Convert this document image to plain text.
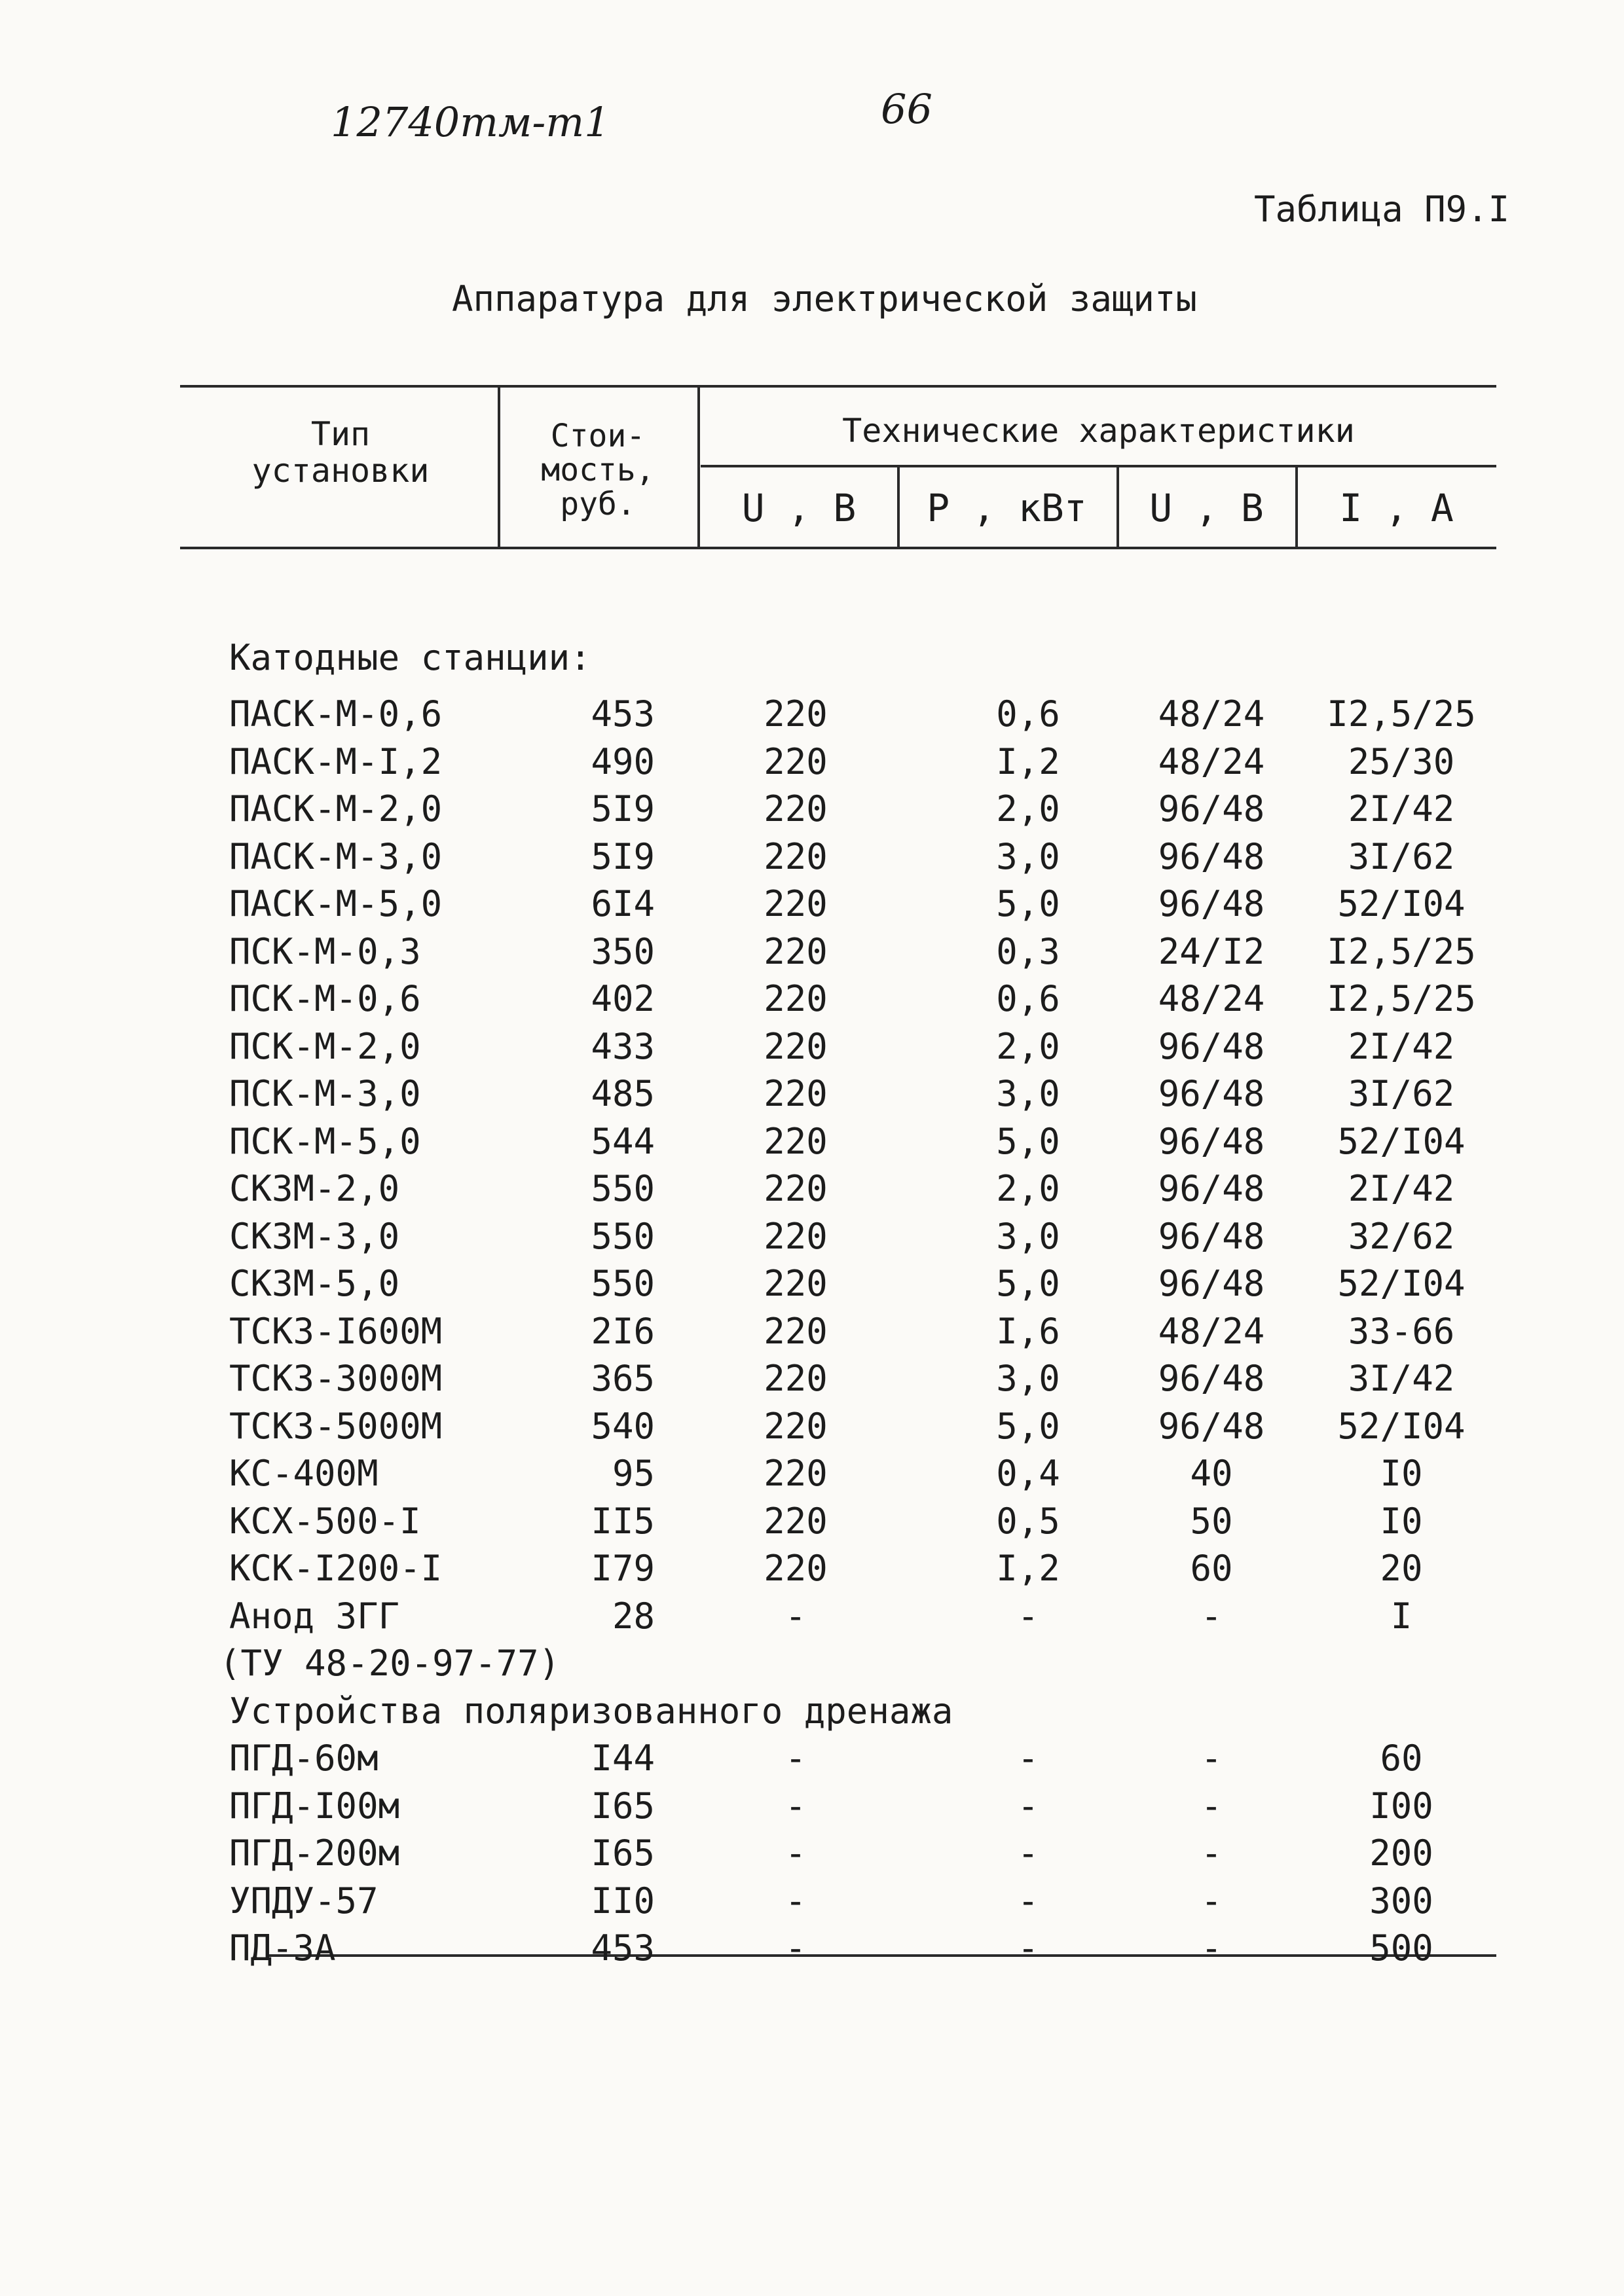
12740тм-т1	66
Таблица П9.I
Аппаратура для электрической защиты
Тип
установки
Стои-
мость,
руб.
Технические характеристики
U , В	Р , кВт	U , В	I , А
Катодные станции:
ПАСК-М-0,6	453	220	0,6	48/24	I2,5/25
ПАСК-М-I,2	490	220	I,2	48/24	25/30
ПАСК-М-2,0	5I9	220	2,0	96/48	2I/42
ПАСК-М-3,0	5I9	220	3,0	96/48	3I/62
ПАСК-М-5,0	6I4	220	5,0	96/48	52/I04
ПСК-М-0,3	350	220	0,3	24/I2	I2,5/25
ПСК-М-0,6	402	220	0,6	48/24	I2,5/25
ПСК-М-2,0	433	220	2,0	96/48	2I/42
ПСК-М-3,0	485	220	3,0	96/48	3I/62
ПСК-М-5,0	544	220	5,0	96/48	52/I04
СКЗМ-2,0	550	220	2,0	96/48	2I/42
СКЗМ-3,0	550	220	3,0	96/48	32/62
СКЗМ-5,0	550	220	5,0	96/48	52/I04
ТСКЗ-I600М	2I6	220	I,6	48/24	33-66
ТСКЗ-3000М	365	220	3,0	96/48	3I/42
ТСКЗ-5000М	540	220	5,0	96/48	52/I04
КС-400М	95	220	0,4	40	I0
КСХ-500-I	II5	220	0,5	50	I0
КСК-I200-I	I79	220	I,2	60	20
Анод ЗГГ	28	-	-	-	I
(ТУ 48-20-97-77)
Устройства поляризованного дренажа
ПГД-60м	I44	-	-	-	60
ПГД-I00м	I65	-	-	-	I00
ПГД-200м	I65	-	-	-	200
УПДУ-57	II0	-	-	-	300
ПД-3А	453	-	-	-	500
